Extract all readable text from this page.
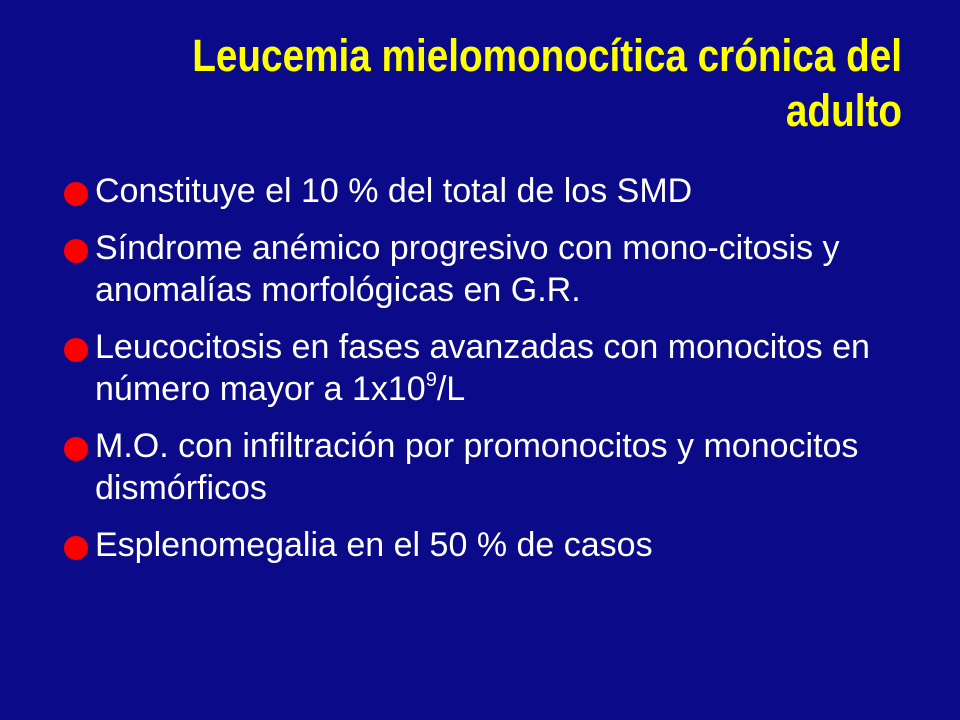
Leucemia mielomonocítica crónica del adulto
Constituye el 10 % del total de los SMD
Síndrome anémico progresivo con mono-citosis y anomalías morfológicas en G.R.
Leucocitosis en fases avanzadas con monocitos en número mayor a $1x10^9/L$
M.O. con infiltración por promonocitos y monocitos dismórficos
Esplenomegalia en el 50 % de casos
